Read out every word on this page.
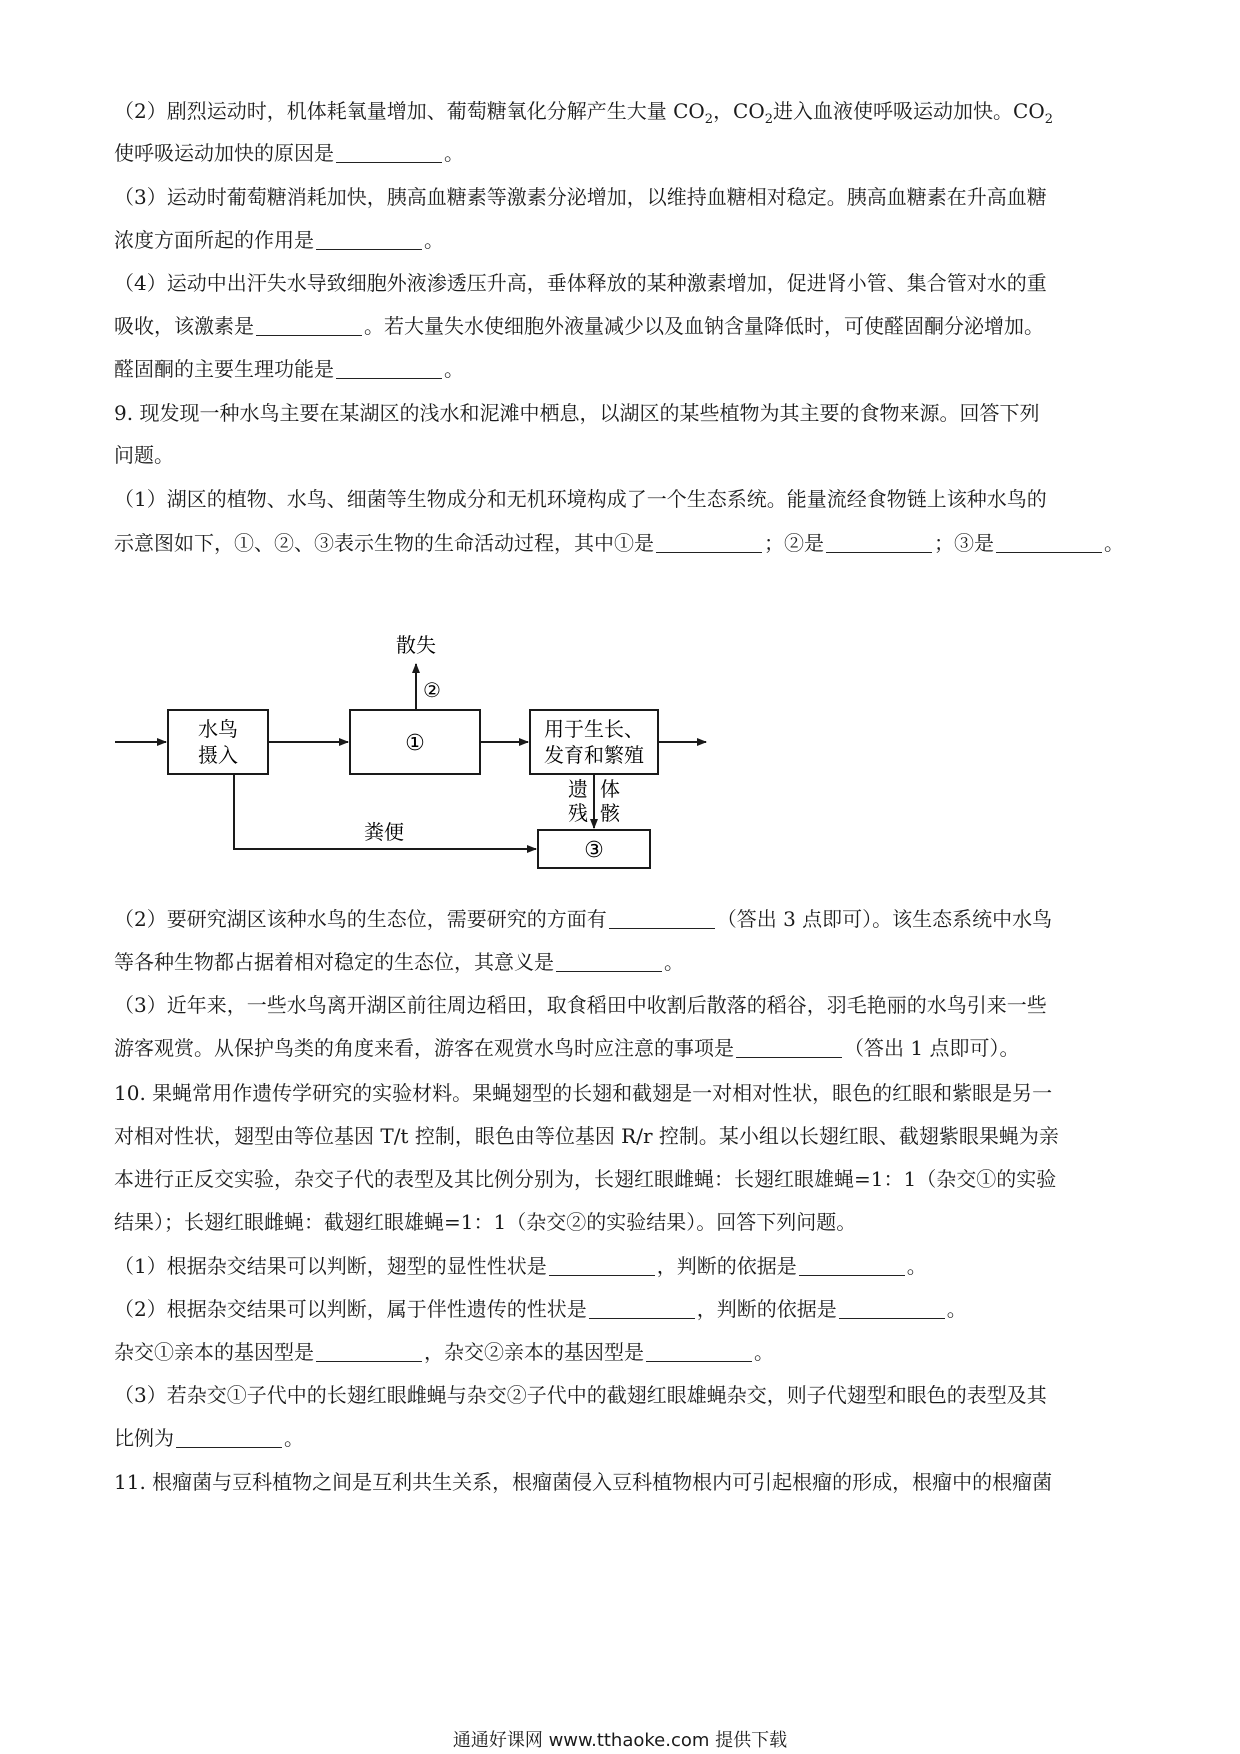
（2）剧烈运动时，机体耗氧量增加、葡萄糖氧化分解产生大量 $CO_2$，$CO_2$进入血液使呼吸运动加快。$CO_2$
使呼吸运动加快的原因是	。
（3）运动时葡萄糖消耗加快，胰高血糖素等激素分泌增加，以维持血糖相对稳定。胰高血糖素在升高血糖
浓度方面所起的作用是	。
（4）运动中出汗失水导致细胞外液渗透压升高，垂体释放的某种激素增加，促进肾小管、集合管对水的重
吸收，该激素是	。若大量失水使细胞外液量减少以及血钠含量降低时，可使醛固酮分泌增加。
醛固酮的主要生理功能是	。
9. 现发现一种水鸟主要在某湖区的浅水和泥滩中栖息，以湖区的某些植物为其主要的食物来源。回答下列
问题。
（1）湖区的植物、水鸟、细菌等生物成分和无机环境构成了一个生态系统。能量流经食物链上该种水鸟的
示意图如下，①、②、③表示生物的生命活动过程，其中①是	；②是	；③是	。
水鸟
摄入	①
散失
②
用于生长、
发育和繁殖
遗 体
残 骸
③
粪便
（2）要研究湖区该种水鸟的生态位，需要研究的方面有	（答出 3 点即可）。该生态系统中水鸟
等各种生物都占据着相对稳定的生态位，其意义是	。
（3）近年来，一些水鸟离开湖区前往周边稻田，取食稻田中收割后散落的稻谷，羽毛艳丽的水鸟引来一些
游客观赏。从保护鸟类的角度来看，游客在观赏水鸟时应注意的事项是	（答出 1 点即可）。
10. 果蝇常用作遗传学研究的实验材料。果蝇翅型的长翅和截翅是一对相对性状，眼色的红眼和紫眼是另一
对相对性状，翅型由等位基因 T/t 控制，眼色由等位基因 R/r 控制。某小组以长翅红眼、截翅紫眼果蝇为亲
本进行正反交实验，杂交子代的表型及其比例分别为，长翅红眼雌蝇：长翅红眼雄蝇=1：1（杂交①的实验
结果）；长翅红眼雌蝇：截翅红眼雄蝇=1：1（杂交②的实验结果）。回答下列问题。
（1）根据杂交结果可以判断，翅型的显性性状是	，判断的依据是	。
（2）根据杂交结果可以判断，属于伴性遗传的性状是	，判断的依据是	。
杂交①亲本的基因型是	，杂交②亲本的基因型是	。
（3）若杂交①子代中的长翅红眼雌蝇与杂交②子代中的截翅红眼雄蝇杂交，则子代翅型和眼色的表型及其
比例为	。
11. 根瘤菌与豆科植物之间是互利共生关系，根瘤菌侵入豆科植物根内可引起根瘤的形成，根瘤中的根瘤菌
通通好课网 www.tthaoke.com 提供下载
